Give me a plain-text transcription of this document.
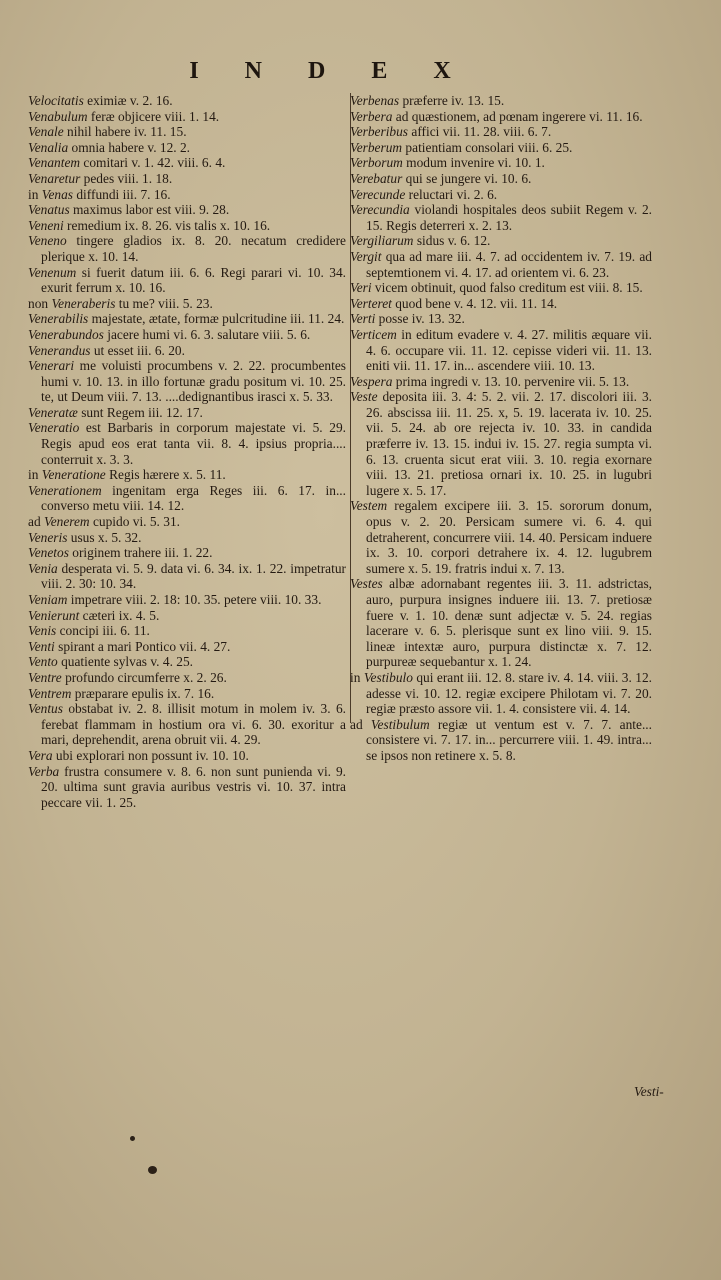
I N D E X

Velocitatis eximiæ v. 2. 16.

Venabulum feræ objicere viii. 1. 14.

Venale nihil habere iv. 11. 15.

Venalia omnia habere v. 12. 2.

Venantem comitari v. 1. 42. viii. 6. 4.

Venaretur pedes viii. 1. 18.

in Venas diffundi iii. 7. 16.

Venatus maximus labor est viii. 9. 28.

Veneni remedium ix. 8. 26. vis talis x. 10. 16.

Veneno tingere gladios ix. 8. 20. necatum credidere plerique x. 10. 14.

Venenum si fuerit datum iii. 6. 6. Regi parari vi. 10. 34. exurit ferrum x. 10. 16.

non Veneraberis tu me? viii. 5. 23.

Venerabilis majestate, ætate, formæ pulcritudine iii. 11. 24.

Venerabundos jacere humi vi. 6. 3. salutare viii. 5. 6.

Venerandus ut esset iii. 6. 20.

Venerari me voluisti procumbens v. 2. 22. procumbentes humi v. 10. 13. in illo fortunæ gradu positum vi. 10. 25. te, ut Deum viii. 7. 13. ....dedignantibus irasci x. 5. 33.

Veneratæ sunt Regem iii. 12. 17.

Veneratio est Barbaris in corporum majestate vi. 5. 29. Regis apud eos erat tanta vii. 8. 4. ipsius propria.... conterruit x. 3. 3.

in Veneratione Regis hærere x. 5. 11.

Venerationem ingenitam erga Reges iii. 6. 17. in... converso metu viii. 14. 12.

ad Venerem cupido vi. 5. 31.

Veneris usus x. 5. 32.

Venetos originem trahere iii. 1. 22.

Venia desperata vi. 5. 9. data vi. 6. 34. ix. 1. 22. impetratur viii. 2. 30: 10. 34.

Veniam impetrare viii. 2. 18: 10. 35. petere viii. 10. 33.

Venierunt cæteri ix. 4. 5.

Venis concipi iii. 6. 11.

Venti spirant a mari Pontico vii. 4. 27.

Vento quatiente sylvas v. 4. 25.

Ventre profundo circumferre x. 2. 26.

Ventrem præparare epulis ix. 7. 16.

Ventus obstabat iv. 2. 8. illisit motum in molem iv. 3. 6. ferebat flammam in hostium ora vi. 6. 30. exoritur a mari, deprehendit, arena obruit vii. 4. 29.

Vera ubi explorari non possunt iv. 10. 10.

Verba frustra consumere v. 8. 6. non sunt punienda vi. 9. 20. ultima sunt gravia auribus vestris vi. 10. 37. intra peccare vii. 1. 25.

Verbenas præferre iv. 13. 15.

Verbera ad quæstionem, ad pœnam ingerere vi. 11. 16.

Verberibus affici vii. 11. 28. viii. 6. 7.

Verberum patientiam consolari viii. 6. 25.

Verborum modum invenire vi. 10. 1.

Verebatur qui se jungere vi. 10. 6.

Verecunde reluctari vi. 2. 6.

Verecundia violandi hospitales deos subiit Regem v. 2. 15. Regis deterreri x. 2. 13.

Vergiliarum sidus v. 6. 12.

Vergit qua ad mare iii. 4. 7. ad occidentem iv. 7. 19. ad septemtionem vi. 4. 17. ad orientem vi. 6. 23.

Veri vicem obtinuit, quod falso creditum est viii. 8. 15.

Verteret quod bene v. 4. 12. vii. 11. 14.

Verti posse iv. 13. 32.

Verticem in editum evadere v. 4. 27. militis æquare vii. 4. 6. occupare vii. 11. 12. cepisse videri vii. 11. 13. eniti vii. 11. 17. in... ascendere viii. 10. 13.

Vespera prima ingredi v. 13. 10. pervenire vii. 5. 13.

Veste deposita iii. 3. 4: 5. 2. vii. 2. 17. discolori iii. 3. 26. abscissa iii. 11. 25. x, 5. 19. lacerata iv. 10. 25. vii. 5. 24. ab ore rejecta iv. 10. 33. in candida præferre iv. 13. 15. indui iv. 15. 27. regia sumpta vi. 6. 13. cruenta sicut erat viii. 3. 10. regia exornare viii. 13. 21. pretiosa ornari ix. 10. 25. in lugubri lugere x. 5. 17.

Vestem regalem excipere iii. 3. 15. sororum donum, opus v. 2. 20. Persicam sumere vi. 6. 4. qui detraherent, concurrere viii. 14. 40. Persicam induere ix. 3. 10. corpori detrahere ix. 4. 12. lugubrem sumere x. 5. 19. fratris indui x. 7. 13.

Vestes albæ adornabant regentes iii. 3. 11. adstrictas, auro, purpura insignes induere iii. 13. 7. pretiosæ fuere v. 1. 10. denæ sunt adjectæ v. 5. 24. regias lacerare v. 6. 5. plerisque sunt ex lino viii. 9. 15. lineæ intextæ auro, purpura distinctæ x. 7. 12. purpureæ sequebantur x. 1. 24.

in Vestibulo qui erant iii. 12. 8. stare iv. 4. 14. viii. 3. 12. adesse vi. 10. 12. regiæ excipere Philotam vi. 7. 20. regiæ præsto assore vii. 1. 4. consistere vii. 4. 14.

ad Vestibulum regiæ ut ventum est v. 7. 7. ante... consistere vi. 7. 17. in... percurrere viii. 1. 49. intra... se ipsos non retinere x. 5. 8.

Vesti-
